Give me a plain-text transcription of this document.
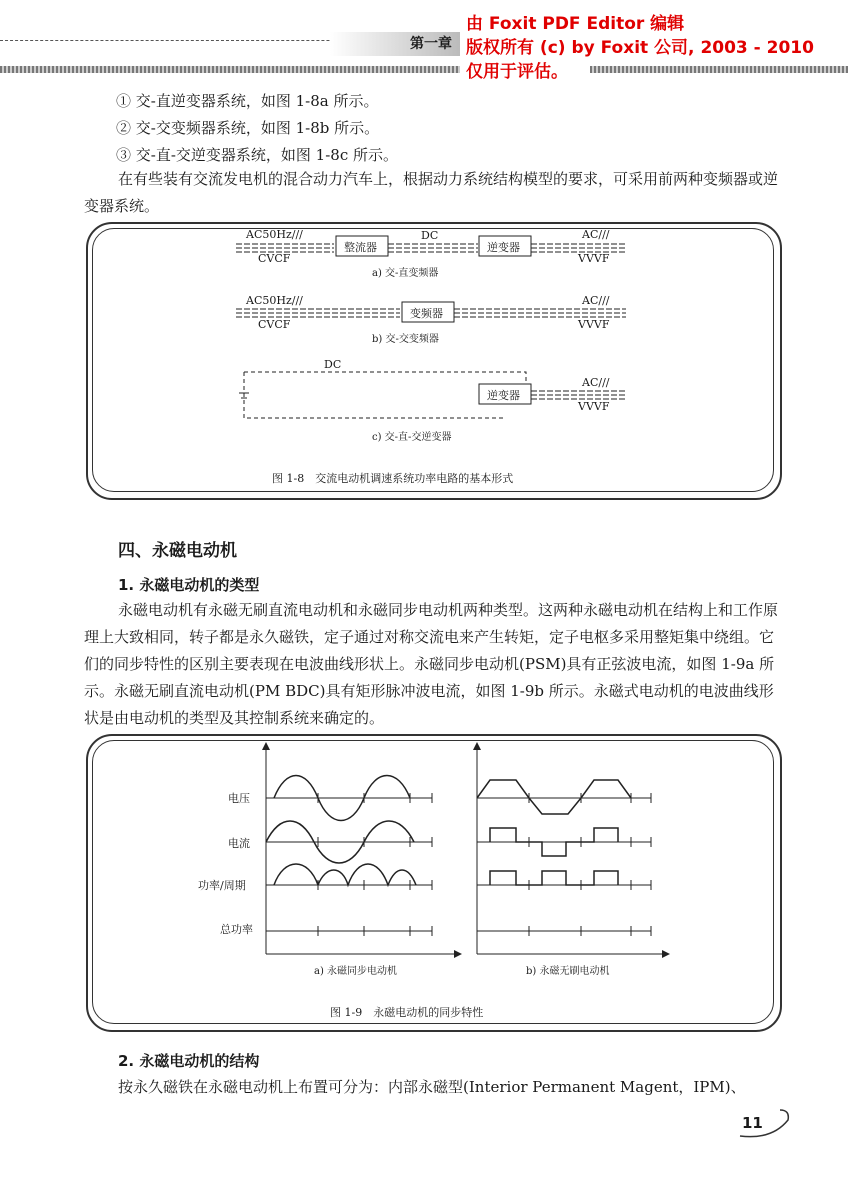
第一章
由 Foxit PDF Editor 编辑
版权所有 (c) by Foxit 公司, 2003 - 2010
仅用于评估。
① 交-直逆变器系统，如图 1-8a 所示。
② 交-交变频器系统，如图 1-8b 所示。
③ 交-直-交逆变器系统，如图 1-8c 所示。
在有些装有交流发电机的混合动力汽车上，根据动力系统结构模型的要求，可采用前两种变频器或逆变器系统。
AC50Hz///
CVCF
整流器
DC
逆变器
AC///
VVVF
a) 交-直变频器
AC50Hz///
CVCF
变频器
AC///
VVVF
b) 交-交变频器
DC
逆变器
AC///
VVVF
c) 交-直-交逆变器
图 1-8　交流电动机调速系统功率电路的基本形式
四、永磁电动机
1. 永磁电动机的类型
永磁电动机有永磁无刷直流电动机和永磁同步电动机两种类型。这两种永磁电动机在结构上和工作原理上大致相同，转子都是永久磁铁，定子通过对称交流电来产生转矩，定子电枢多采用整矩集中绕组。它们的同步特性的区别主要表现在电波曲线形状上。永磁同步电动机(PSM)具有正弦波电流，如图 1-9a 所示。永磁无刷直流电动机(PM BDC)具有矩形脉冲波电流，如图 1-9b 所示。永磁式电动机的电波曲线形状是由电动机的类型及其控制系统来确定的。
电压
电流
功率/周期
总功率
a) 永磁同步电动机	b) 永磁无刷电动机
图 1-9　永磁电动机的同步特性
2. 永磁电动机的结构
按永久磁铁在永磁电动机上布置可分为：内部永磁型(Interior Permanent Magent，IPM)、
11
